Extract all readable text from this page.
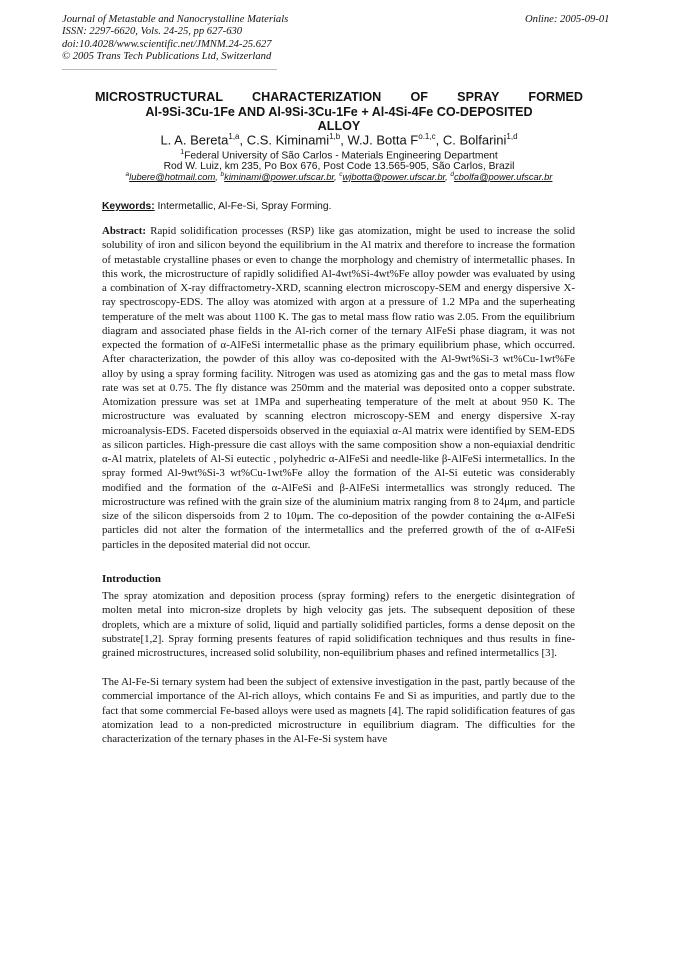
Journal of Metastable and Nanocrystalline Materials
ISSN: 2297-6620, Vols. 24-25, pp 627-630
doi:10.4028/www.scientific.net/JMNM.24-25.627
© 2005 Trans Tech Publications Ltd, Switzerland
Online: 2005-09-01
MICROSTRUCTURAL CHARACTERIZATION OF SPRAY FORMED
Al-9Si-3Cu-1Fe AND Al-9Si-3Cu-1Fe + Al-4Si-4Fe CO-DEPOSITED
ALLOY
L. A. Bereta$^{1,a}$, C.S. Kiminami$^{1,b}$, W.J. Botta $F^{o.1,c}$, C. Bolfarini$^{1,d}$
$^1$Federal University of São Carlos - Materials Engineering Department
Rod W. Luiz, km 235, Po Box 676, Post Code 13.565-905, São Carlos, Brazil
$^a$lubere@hotmail.com, $^b$kiminami@power.ufscar.br, $^c$wjbotta@power.ufscar.br, $^d$cbolfa@power.ufscar.br
Keywords: Intermetallic, Al-Fe-Si, Spray Forming.

Abstract: Rapid solidification processes (RSP) like gas atomization, might be used to increase the solid solubility of iron and silicon beyond the equilibrium in the Al matrix and therefore to increase the formation of metastable crystalline phases or even to change the morphology and chemistry of intermetallic phases. In this work, the microstructure of rapidly solidified Al-4wt%Si-4wt%Fe alloy powder was evaluated by using a combination of X-ray diffractometry-XRD, scanning electron microscopy-SEM and energy dispersive X-ray spectroscopy-EDS. The alloy was atomized with argon at a pressure of 1.2 MPa and the superheating temperature of the melt was about 1100 K. The gas to metal mass flow ratio was 2.05. From the equilibrium diagram and associated phase fields in the Al-rich corner of the ternary AlFeSi phase diagram, it was not expected the formation of α-AlFeSi intermetallic phase as the primary equilibrium phase, which occurred. After characterization, the powder of this alloy was co-deposited with the Al-9wt%Si-3 wt%Cu-1wt%Fe alloy by using a spray forming facility. Nitrogen was used as atomizing gas and the gas to metal mass flow rate was set at 0.75. The fly distance was 250mm and the material was deposited onto a copper substrate. Atomization pressure was set at 1MPa and superheating temperature of the melt at about 950 K. The microstructure was evaluated by scanning electron microscopy-SEM and energy dispersive X-ray microanalysis-EDS. Faceted dispersoids observed in the equiaxial α-Al matrix were identified by SEM-EDS as silicon particles. High-pressure die cast alloys with the same composition show a non-equiaxial dendritic α-Al matrix, platelets of Al-Si eutectic , polyhedric α-AlFeSi and needle-like β-AlFeSi intermetallics. In the spray formed Al-9wt%Si-3 wt%Cu-1wt%Fe alloy the formation of the Al-Si eutetic was considerably modified and the formation of the α-AlFeSi and β-AlFeSi intermetallics was strongly reduced. The microstructure was refined with the grain size of the aluminium matrix ranging from 8 to 24μm, and particle size of the silicon dispersoids from 2 to 10μm. The co-deposition of the powder containing the α-AlFeSi particles did not alter the formation of the intermetallics and the preferred growth of the of α-AlFeSi particles in the deposited material did not occur.

Introduction

The spray atomization and deposition process (spray forming) refers to the energetic disintegration of molten metal into micron-size droplets by high velocity gas jets. The subsequent deposition of these droplets, which are a mixture of solid, liquid and partially solidified particles, forms a dense deposit on the substrate[1,2]. Spray forming presents features of rapid solidification techniques and thus results in fine-grained microstructures, increased solid solubility, non-equilibrium phases and refined intermetallics [3].

The Al-Fe-Si ternary system had been the subject of extensive investigation in the past, partly because of the commercial importance of the Al-rich alloys, which contains Fe and Si as impurities, and partly due to the fact that some commercial Fe-based alloys were used as magnets [4]. The rapid solidification features of gas atomization lead to a non-predicted microstructure in equilibrium diagram. The difficulties for the characterization of the ternary phases in the Al-Fe-Si system have
